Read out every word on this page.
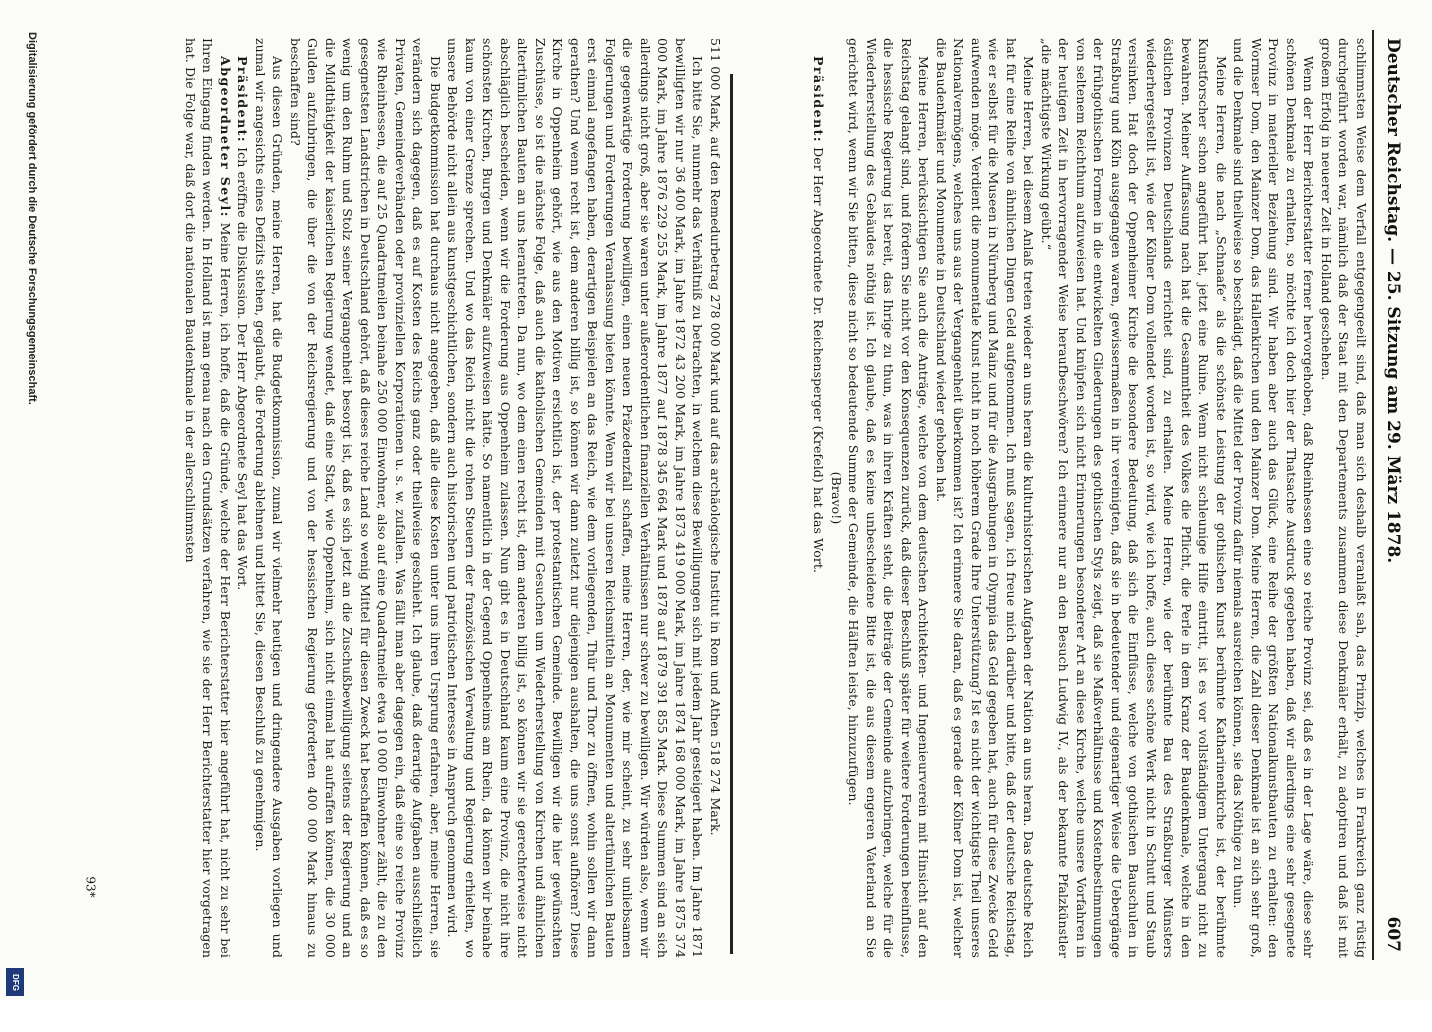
Digitalisierung gefördert durch die Deutsche Forschungsgemeinschaft.
DFG
Deutscher Reichstag. — 25. Sitzung am 29. März 1878.
607

511 000 Mark, auf den Remedurbetrag 278 000 Mark und auf das archäologische Institut in Rom und Athen 518 274 Mark.

Ich bitte Sie, nunmehr das Verhältniß zu betrachten, in welchem diese Bewilligungen sich mit jedem Jahr gesteigert haben. Im Jahre 1871 bewilligten wir nur 36 400 Mark, im Jahre 1872 43 200 Mark, im Jahre 1873 419 000 Mark, im Jahre 1874 168 000 Mark, im Jahre 1875 374 000 Mark, im Jahre 1876 229 255 Mark, im Jahre 1877 auf 1878 345 664 Mark und 1878 auf 1879 391 855 Mark. Diese Summen sind an sich allerdings nicht groß, aber sie waren unter außerordentlichen finanziellen Verhältnissen nur schwer zu bewilligen. Wir würden also, wenn wir die gegenwärtige Forderung bewilligen, einen neuen Präzedenzfall schaffen, meine Herren, der, wie mir scheint, zu sehr unliebsamen Folgerungen und Forderungen Veranlassung bieten könnte. Wenn wir bei unseren Reichsmitteln an Monumenten und altertümlichen Bauten erst einmal angefangen haben, derartigen Beispielen an das Reich, wie dem vorliegenden, Thür und Thor zu öffnen, wohin sollen wir dann gerathen? Und wenn recht ist, dem anderen billig ist, so können wir dann zuletzt nur diejenigen aushalten, die uns sonst aufhören? Diese Kirche in Oppenheim gehört, wie aus den Motiven ersichtlich ist, der protestantischen Gemeinde. Bewilligen wir die hier gewünschten Zuschüsse, so ist die nächste Folge, daß auch die katholischen Gemeinden mit Gesuchen um Wiederherstellung von Kirchen und ähnlichen altertümlichen Bauten an uns herantreten. Da nun, wo dem einen recht ist, dem anderen billig ist, so können wir sie gerechterweise nicht abschläglich bescheiden, wenn wir die Forderung aus Oppenheim zulassen. Nun gibt es in Deutschland kaum eine Provinz, die nicht ihre schönsten Kirchen, Burgen und Denkmäler aufzuweisen hätte. So namentlich in der Gegend Oppenheims am Rhein, da können wir beinahe kaum von einer Grenze sprechen. Und wo das Reich nicht die rohen Steuern der französischen Verwaltung und Regierung erhielten, wo unsere Behörde nicht allein aus kunstgeschichtlichen, sondern auch historischen und patriotischen Interesse in Anspruch genommen wird.

Die Budgetkommission hat durchaus nicht angegeben, daß alle diese Kosten unter uns ihren Ursprung erfahren, aber, meine Herren, sie verändern sich dagegen, daß es auf Kosten des Reichs ganz oder theilweise geschieht. Ich glaube, daß derartige Aufgaben ausschließlich Privaten, Gemeindeverbänden oder provinziellen Korporationen u. s. w. zufallen. Was fällt man aber dagegen ein, daß eine so reiche Provinz wie Rheinhessen, die auf 25 Quadratmeilen beinahe 250 000 Einwohner, also auf eine Quadratmeile etwa 10 000 Einwohner zählt, die zu den gesegnetsten Landstrichen in Deutschland gehört, daß dieses reiche Land so wenig Mittel für diesen Zweck hat beschaffen können, daß es so wenig um den Ruhm und Stolz seiner Vergangenheit besorgt ist, daß es sich jetzt an die Zuschußbewilligung seitens der Regierung und an die Mildthätigkeit der kaiserlichen Regierung wendet, daß eine Stadt, wie Oppenheim, sich nicht einmal hat aufraffen können, die 30 000 Gulden aufzubringen, die über die von der Reichsregierung und von der hessischen Regierung geforderten 400 000 Mark hinaus zu beschaffen sind?

Aus diesen Gründen, meine Herren, hat die Budgetkommission, zumal wir vielmehr heutigen und dringendere Ausgaben vorliegen und zumal wir angesichts eines Defizits stehen, geglaubt, die Forderung ablehnen und bittet Sie, diesen Beschluß zu genehmigen.

Präsident: Ich eröffne die Diskussion. Der Herr Abgeordnete Seyl hat das Wort.

Abgeordneter Seyl: Meine Herren, ich hoffe, daß die Gründe, welche der Herr Berichterstatter hier angeführt hat, nicht zu sehr bei Ihren Eingang finden werden. In Holland ist man genau nach den Grundsätzen verfahren, wie sie der Herr Berichterstatter hier vorgetragen hat. Die Folge war, daß dort die nationalen Baudenkmale in der allerschlimmsten	schlimmsten Weise dem Verfall entgegengeeilt sind, daß man sich deshalb veranlaßt sah, das Prinzip, welches in Frankreich ganz rüstig durchgeführt worden war, nämlich daß der Staat mit den Departements zusammen diese Denkmäler erhält, zu adoptiren und daß ist mit großem Erfolg in neuerer Zeit in Holland geschehen.

Wenn der Herr Berichterstatter ferner hervorgehoben, daß Rheinhessen eine so reiche Provinz sei, daß es in der Lage wäre, diese sehr schönen Denkmale zu erhalten, so möchte ich doch hier der Thatsache Ausdruck gegeben haben, daß wir allerdings eine sehr gesegnete Provinz in materieller Beziehung sind. Wir haben aber auch das Glück, eine Reihe der größten Nationalkunstbauten zu erhalten: den Wormser Dom, den Mainzer Dom, das Hallenkirchen und den Mainzer Dom. Meine Herren, die Zahl dieser Denkmale ist an sich sehr groß, und die Denkmale sind theilweise so beschädigt, daß die Mittel der Provinz dafür niemals ausreichen können, sie das Nöthige zu thun.

Meine Herren, die nach „Schnaafe“ als die schönste Leistung der gothischen Kunst berühmte Katharinenkirche ist, der berühmte Kunstforscher schon angeführt hat, jetzt eine Ruine. Wenn nicht schleunige Hilfe eintritt, ist es vor vollständigem Untergang nicht zu bewahren. Meiner Auffassung nach hat die Gesammtheit des Volkes die Pflicht, die Perle in dem Kranz der Baudenkmale, welche in den östlichen Provinzen Deutschlands errichtet sind, zu erhalten. Meine Herren, wie der berühmte Bau des Straßburger Münsters wiederhergestellt ist, wie der Kölner Dom vollendet worden ist, so wird, wie ich hoffe, auch dieses schöne Werk nicht in Schutt und Staub versinken. Hat doch der Oppenheimer Kirche die besondere Bedeutung, daß sich die Einflüsse, welche von gothischen Bauschulen in Straßburg und Köln ausgegangen waren, gewissermaßen in ihr vereinigten, daß sie in bedeutender und eigenartiger Weise die Uebergänge der frühgothischen Formen in die entwickelten Gliederungen des gothischen Styls zeigt, daß sie Maßverhältnisse und Kostenbestimmungen von seltenem Reichthum aufzuweisen hat. Und knüpfen sich nicht Erinnerungen besonderer Art an diese Kirche, welche unsere Vorfahren in der heutigen Zeit in hervorragender Weise heraufbeschwören? Ich erinnere nur an den Besuch Ludwig IV., als der bekannte Pfalzkünstler „die mächtigste Wirkung geübt.“

Meine Herren, bei diesem Anlaß treten wieder an uns heran die kulturhistorischen Aufgaben der Nation an uns heran. Das deutsche Reich hat für eine Reihe von ähnlichen Dingen Geld aufgenommen. Ich muß sagen, ich freue mich darüber und bitte, daß der deutsche Reichstag, wie er selbst für die Museen in Nürnberg und Mainz und für die Ausgrabungen in Olympia das Geld gegeben hat, auch für diese Zwecke Geld aufwenden möge. Verdient die monumentale Kunst nicht in noch höherem Grade Ihre Unterstützung? Ist es nicht der wichtigste Theil unseres Nationalvermögens, welches uns aus der Vergangenheit überkommen ist? Ich erinnere Sie daran, daß es gerade der Kölner Dom ist, welcher die Baudenkmäler und Monumente in Deutschland wieder gehoben hat.

Meine Herren, berücksichtigen Sie auch die Anträge, welche von dem deutschen Architekten- und Ingenieurverein mit Hinsicht auf den Reichstag gelangt sind, und fördern Sie nicht vor den Konsequenzen zurück, daß dieser Beschluß später für weitere Forderungen beeinflusse, die hessische Regierung ist bereit, das Ihrige zu thun, was in ihren Kräften steht, die Beiträge der Gemeinde aufzubringen, welche für die Wiederherstellung des Gebäudes nöthig ist. Ich glaube, daß es keine unbescheidene Bitte ist, die aus diesem engeren Vaterland an Sie gerichtet wird, wenn wir Sie bitten, diese nicht so bedeutende Summe der Gemeinde, die Hälften leiste, hinzuzufügen.

(Bravo!)

Präsident: Der Herr Abgeordnete Dr. Reichensperger (Krefeld) hat das Wort.

93*
